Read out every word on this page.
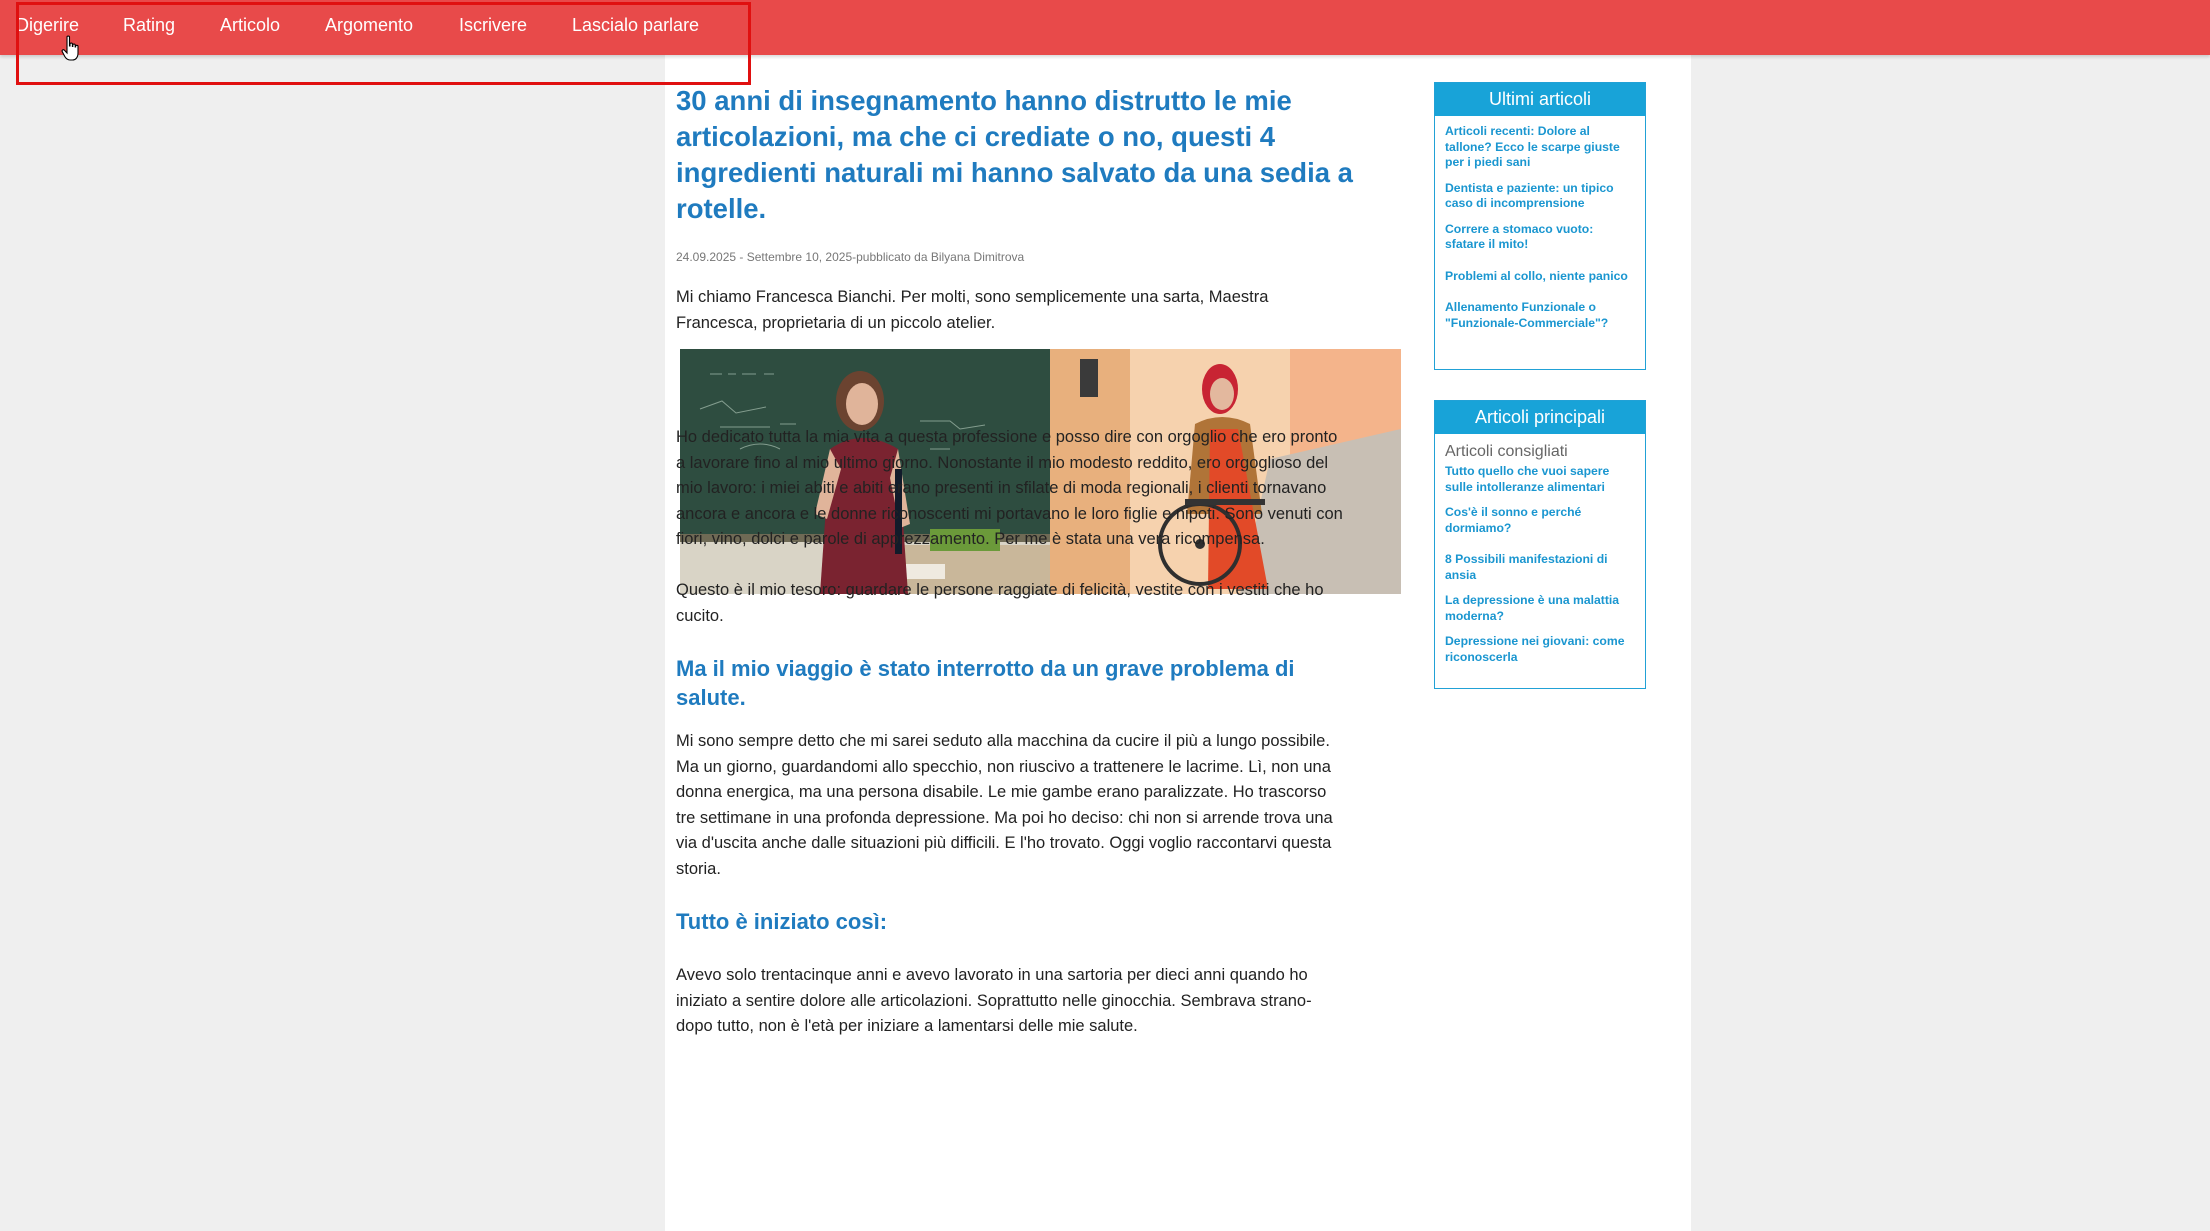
Digerire Rating Articolo Argomento	Iscrivere Lascialo parlare
30 anni di insegnamento hanno distrutto le mie articolazioni, ma che ci crediate o no, questi 4 ingredienti naturali mi hanno salvato da una sedia a rotelle.
24.09.2025 - Settembre 10, 2025-pubblicato da Bilyana Dimitrova

Mi chiamo Francesca Bianchi. Per molti, sono semplicemente una sarta, Maestra Francesca, proprietaria di un piccolo atelier.

Ho dedicato tutta la mia vita a questa professione e posso dire con orgoglio che ero pronto a lavorare fino al mio ultimo giorno. Nonostante il mio modesto reddito, ero orgoglioso del mio lavoro: i miei abiti e abiti erano presenti in sfilate di moda regionali, i clienti tornavano ancora e ancora e le donne riconoscenti mi portavano le loro figlie e nipoti. Sono venuti con fiori, vino, dolci e parole di apprezzamento. Per me è stata una vera ricompensa.

Questo è il mio tesoro: guardare le persone raggiate di felicità, vestite con i vestiti che ho cucito.

Ma il mio viaggio è stato interrotto da un grave problema di salute.

Mi sono sempre detto che mi sarei seduto alla macchina da cucire il più a lungo possibile. Ma un giorno, guardandomi allo specchio, non riuscivo a trattenere le lacrime. Lì, non una donna energica, ma una persona disabile. Le mie gambe erano paralizzate. Ho trascorso tre settimane in una profonda depressione. Ma poi ho deciso: chi non si arrende trova una via d'uscita anche dalle situazioni più difficili. E l'ho trovato. Oggi voglio raccontarvi questa storia.

Tutto è iniziato così:

Avevo solo trentacinque anni e avevo lavorato in una sartoria per dieci anni quando ho iniziato a sentire dolore alle articolazioni. Soprattutto nelle ginocchia. Sembrava strano-dopo tutto, non è l'età per iniziare a lamentarsi delle mie salute.

Ultimi articoli
Articoli recenti: Dolore al tallone? Ecco le scarpe giuste per i piedi sani
Dentista e paziente: un tipico caso di incomprensione
Correre a stomaco vuoto: sfatare il mito!
Problemi al collo, niente panico
Allenamento Funzionale o "Funzionale-Commerciale"?
Articoli principali
Articoli consigliati
Tutto quello che vuoi sapere sulle intolleranze alimentari
Cos'è il sonno e perché dormiamo?
8 Possibili manifestazioni di ansia
La depressione è una malattia moderna?
Depressione nei giovani: come riconoscerla
